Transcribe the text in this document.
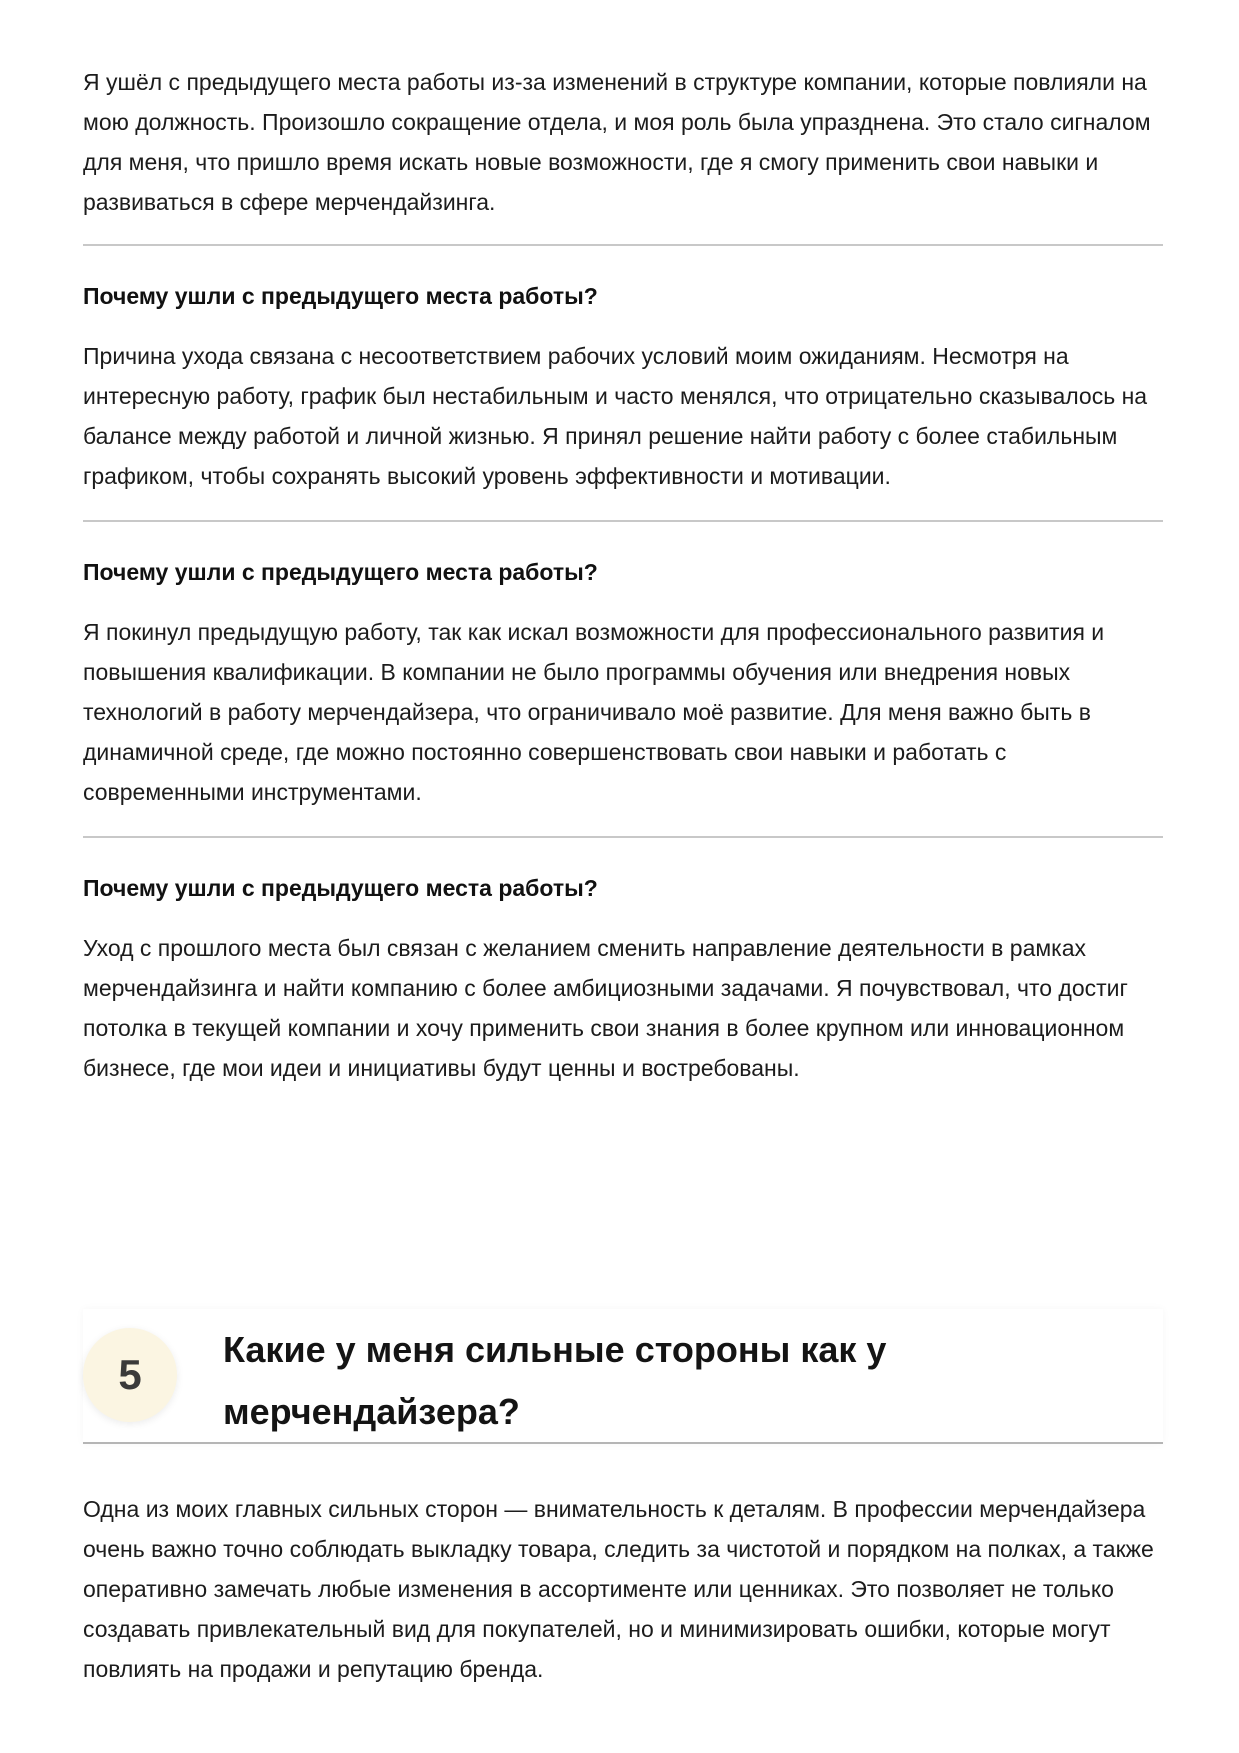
Я ушёл с предыдущего места работы из-за изменений в структуре компании, которые повлияли на мою должность. Произошло сокращение отдела, и моя роль была упразднена. Это стало сигналом для меня, что пришло время искать новые возможности, где я смогу применить свои навыки и развиваться в сфере мерчендайзинга.

Почему ушли с предыдущего места работы?

Причина ухода связана с несоответствием рабочих условий моим ожиданиям. Несмотря на интересную работу, график был нестабильным и часто менялся, что отрицательно сказывалось на балансе между работой и личной жизнью. Я принял решение найти работу с более стабильным графиком, чтобы сохранять высокий уровень эффективности и мотивации.

Почему ушли с предыдущего места работы?

Я покинул предыдущую работу, так как искал возможности для профессионального развития и повышения квалификации. В компании не было программы обучения или внедрения новых технологий в работу мерчендайзера, что ограничивало моё развитие. Для меня важно быть в динамичной среде, где можно постоянно совершенствовать свои навыки и работать с современными инструментами.

Почему ушли с предыдущего места работы?

Уход с прошлого места был связан с желанием сменить направление деятельности в рамках мерчендайзинга и найти компанию с более амбициозными задачами. Я почувствовал, что достиг потолка в текущей компании и хочу применить свои знания в более крупном или инновационном бизнесе, где мои идеи и инициативы будут ценны и востребованы.

5
Какие у меня сильные стороны как у мерчендайзера?

Одна из моих главных сильных сторон — внимательность к деталям. В профессии мерчендайзера очень важно точно соблюдать выкладку товара, следить за чистотой и порядком на полках, а также оперативно замечать любые изменения в ассортименте или ценниках. Это позволяет не только создавать привлекательный вид для покупателей, но и минимизировать ошибки, которые могут повлиять на продажи и репутацию бренда.
